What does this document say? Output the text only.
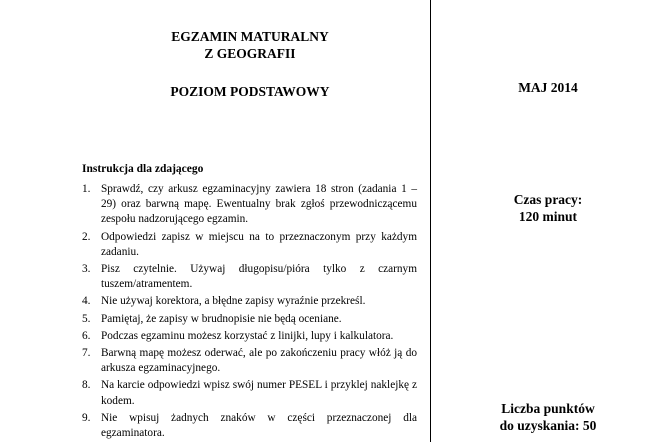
EGZAMIN MATURALNY
Z GEOGRAFII
POZIOM PODSTAWOWY	MAJ 2014
Czas pracy:
120 minut
Liczba punktów
do uzyskania: 50
Instrukcja dla zdającego
1. Sprawdź, czy arkusz egzaminacyjny zawiera 18 stron (zadania 1 – 29) oraz barwną mapę. Ewentualny brak zgłoś przewodniczącemu zespołu nadzorującego egzamin.
2. Odpowiedzi zapisz w miejscu na to przeznaczonym przy każdym zadaniu.
3. Pisz czytelnie. Używaj długopisu/pióra tylko z czarnym tuszem/atramentem.
4. Nie używaj korektora, a błędne zapisy wyraźnie przekreśl.
5. Pamiętaj, że zapisy w brudnopisie nie będą oceniane.
6. Podczas egzaminu możesz korzystać z linijki, lupy i kalkulatora.
7. Barwną mapę możesz oderwać, ale po zakończeniu pracy włóż ją do arkusza egzaminacyjnego.
8. Na karcie odpowiedzi wpisz swój numer PESEL i przyklej naklejkę z kodem.
9. Nie wpisuj żadnych znaków w części przeznaczonej dla egzaminatora.
